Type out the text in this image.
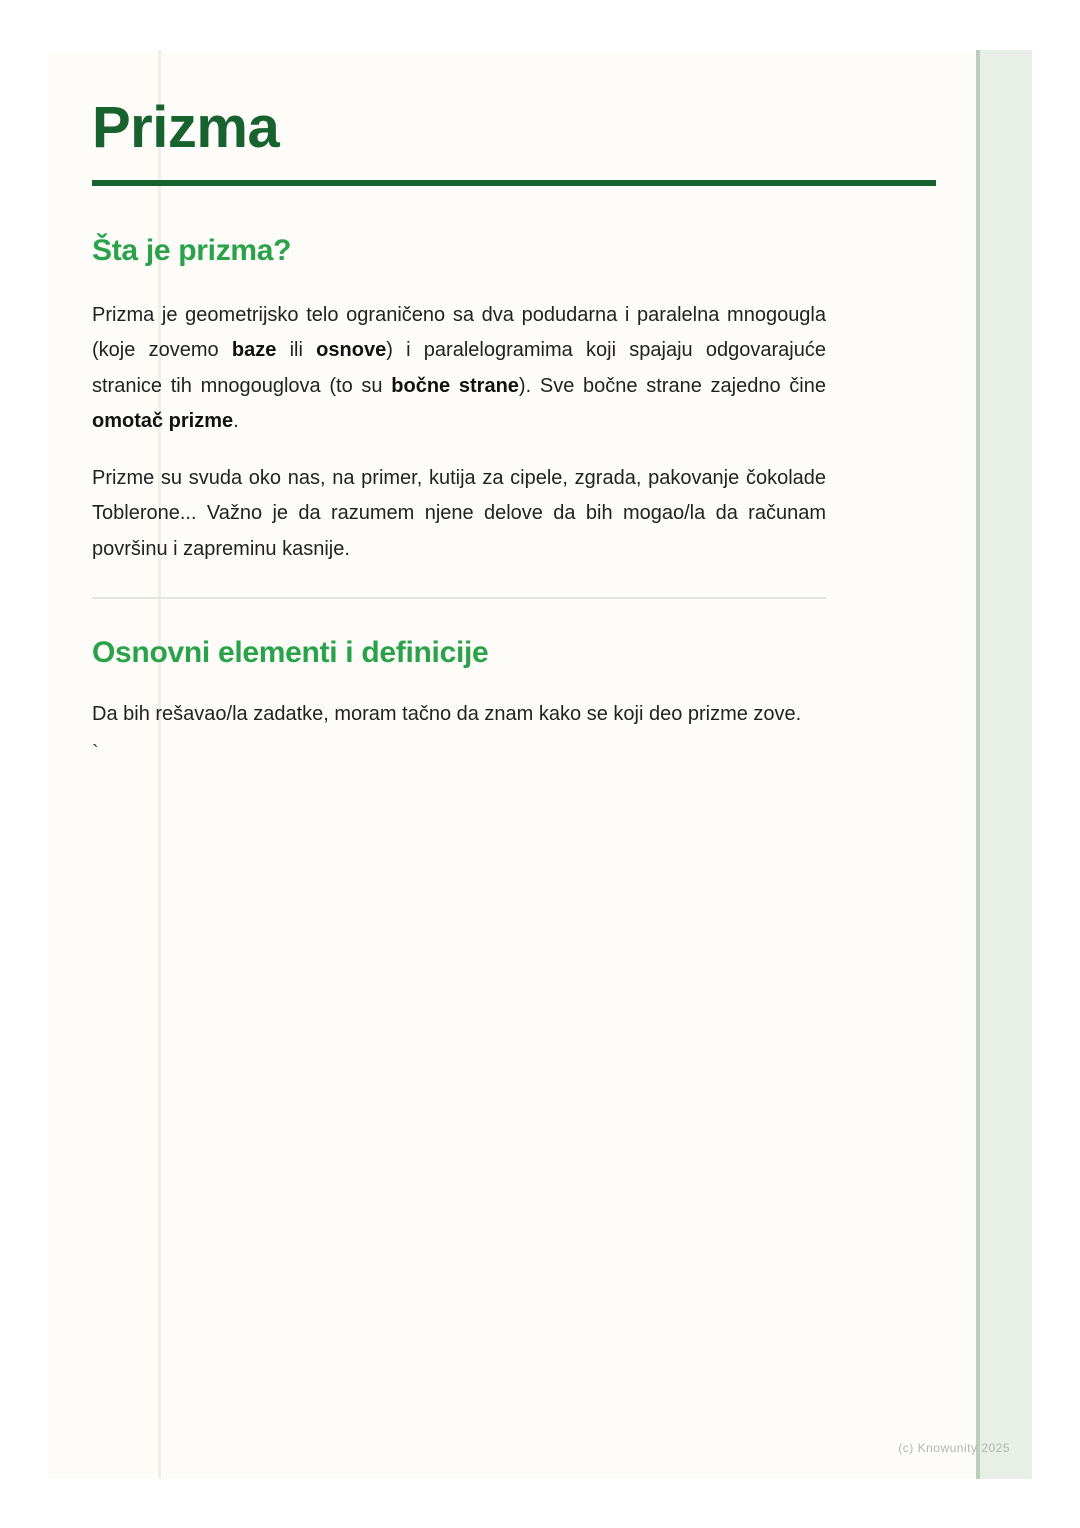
Prizma
Šta je prizma?

Prizma je geometrijsko telo ograničeno sa dva podudarna i paralelna mnogougla (koje zovemo baze ili osnove) i paralelogramima koji spajaju odgovarajuće stranice tih mnogouglova (to su bočne strane). Sve bočne strane zajedno čine omotač prizme.

Prizme su svuda oko nas, na primer, kutija za cipele, zgrada, pakovanje čokolade Toblerone... Važno je da razumem njene delove da bih mogao/la da računam površinu i zapreminu kasnije.

Osnovni elementi i definicije

Da bih rešavao/la zadatke, moram tačno da znam kako se koji deo prizme zove.

`
(c) Knowunity 2025
